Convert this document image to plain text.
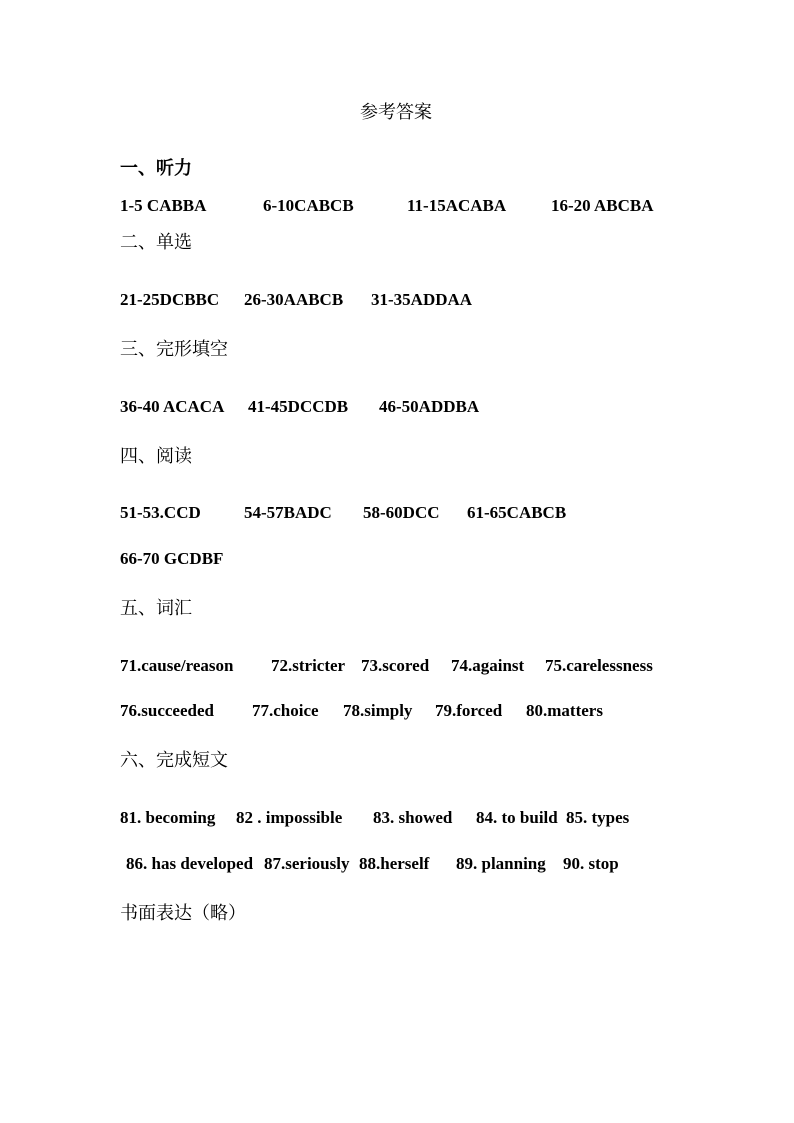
参考答案
一、听力
1-5 CABBA	6-10CABCB	11-15ACABA	16-20 ABCBA
二、单选
21-25DCBBC 26-30AABCB 31-35ADDAA
三、完形填空
36-40 ACACA 41-45DCCDB 46-50ADDBA
四、阅读
51-53.CCD	54-57BADC 58-60DCC 61-65CABCB
66-70 GCDBF
五、词汇
71.cause/reason 72.stricter 73.scored 74.against 75.carelessness
76.succeeded 77.choice 78.simply 79.forced 80.matters
六、完成短文
81. becoming 82 . impossible 83. showed 84. to build 85. types
86. has developed 87.seriously 88.herself 89. planning 90. stop
书面表达（略）
